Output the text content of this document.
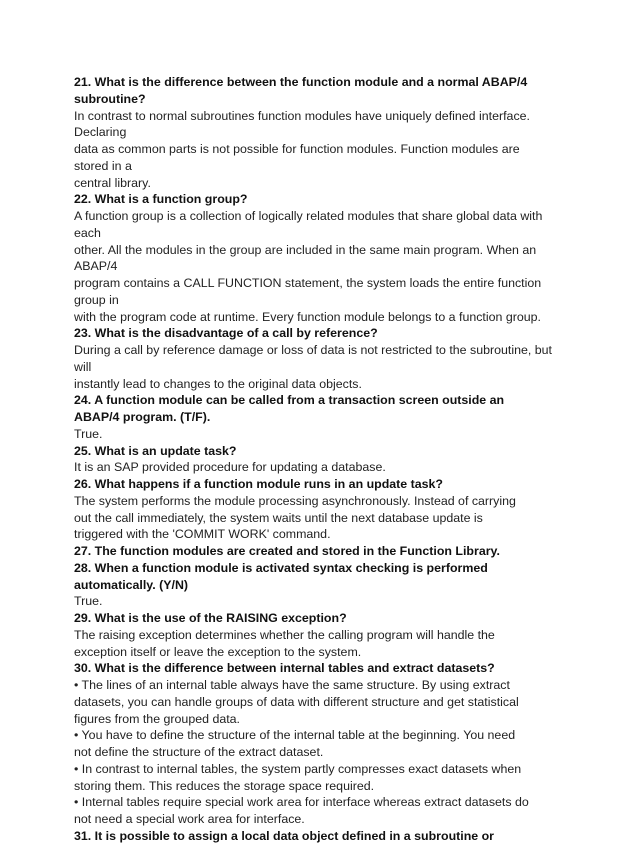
21. What is the difference between the function module and a normal ABAP/4
subroutine?
In contrast to normal subroutines function modules have uniquely defined interface.
Declaring
data as common parts is not possible for function modules. Function modules are
stored in a
central library.
22. What is a function group?
A function group is a collection of logically related modules that share global data with
each
other. All the modules in the group are included in the same main program. When an
ABAP/4
program contains a CALL FUNCTION statement, the system loads the entire function
group in
with the program code at runtime. Every function module belongs to a function group.
23. What is the disadvantage of a call by reference?
During a call by reference damage or loss of data is not restricted to the subroutine, but
will
instantly lead to changes to the original data objects.
24. A function module can be called from a transaction screen outside an
ABAP/4 program. (T/F).
True.
25. What is an update task?
It is an SAP provided procedure for updating a database.
26. What happens if a function module runs in an update task?
The system performs the module processing asynchronously. Instead of carrying
out the call immediately, the system waits until the next database update is
triggered with the 'COMMIT WORK' command.
27. The function modules are created and stored in the Function Library.
28. When a function module is activated syntax checking is performed
automatically. (Y/N)
True.
29. What is the use of the RAISING exception?
The raising exception determines whether the calling program will handle the
exception itself or leave the exception to the system.
30. What is the difference between internal tables and extract datasets?
• The lines of an internal table always have the same structure. By using extract
datasets, you can handle groups of data with different structure and get statistical
figures from the grouped data.
• You have to define the structure of the internal table at the beginning. You need
not define the structure of the extract dataset.
• In contrast to internal tables, the system partly compresses exact datasets when
storing them. This reduces the storage space required.
• Internal tables require special work area for interface whereas extract datasets do
not need a special work area for interface.
31. It is possible to assign a local data object defined in a subroutine or
